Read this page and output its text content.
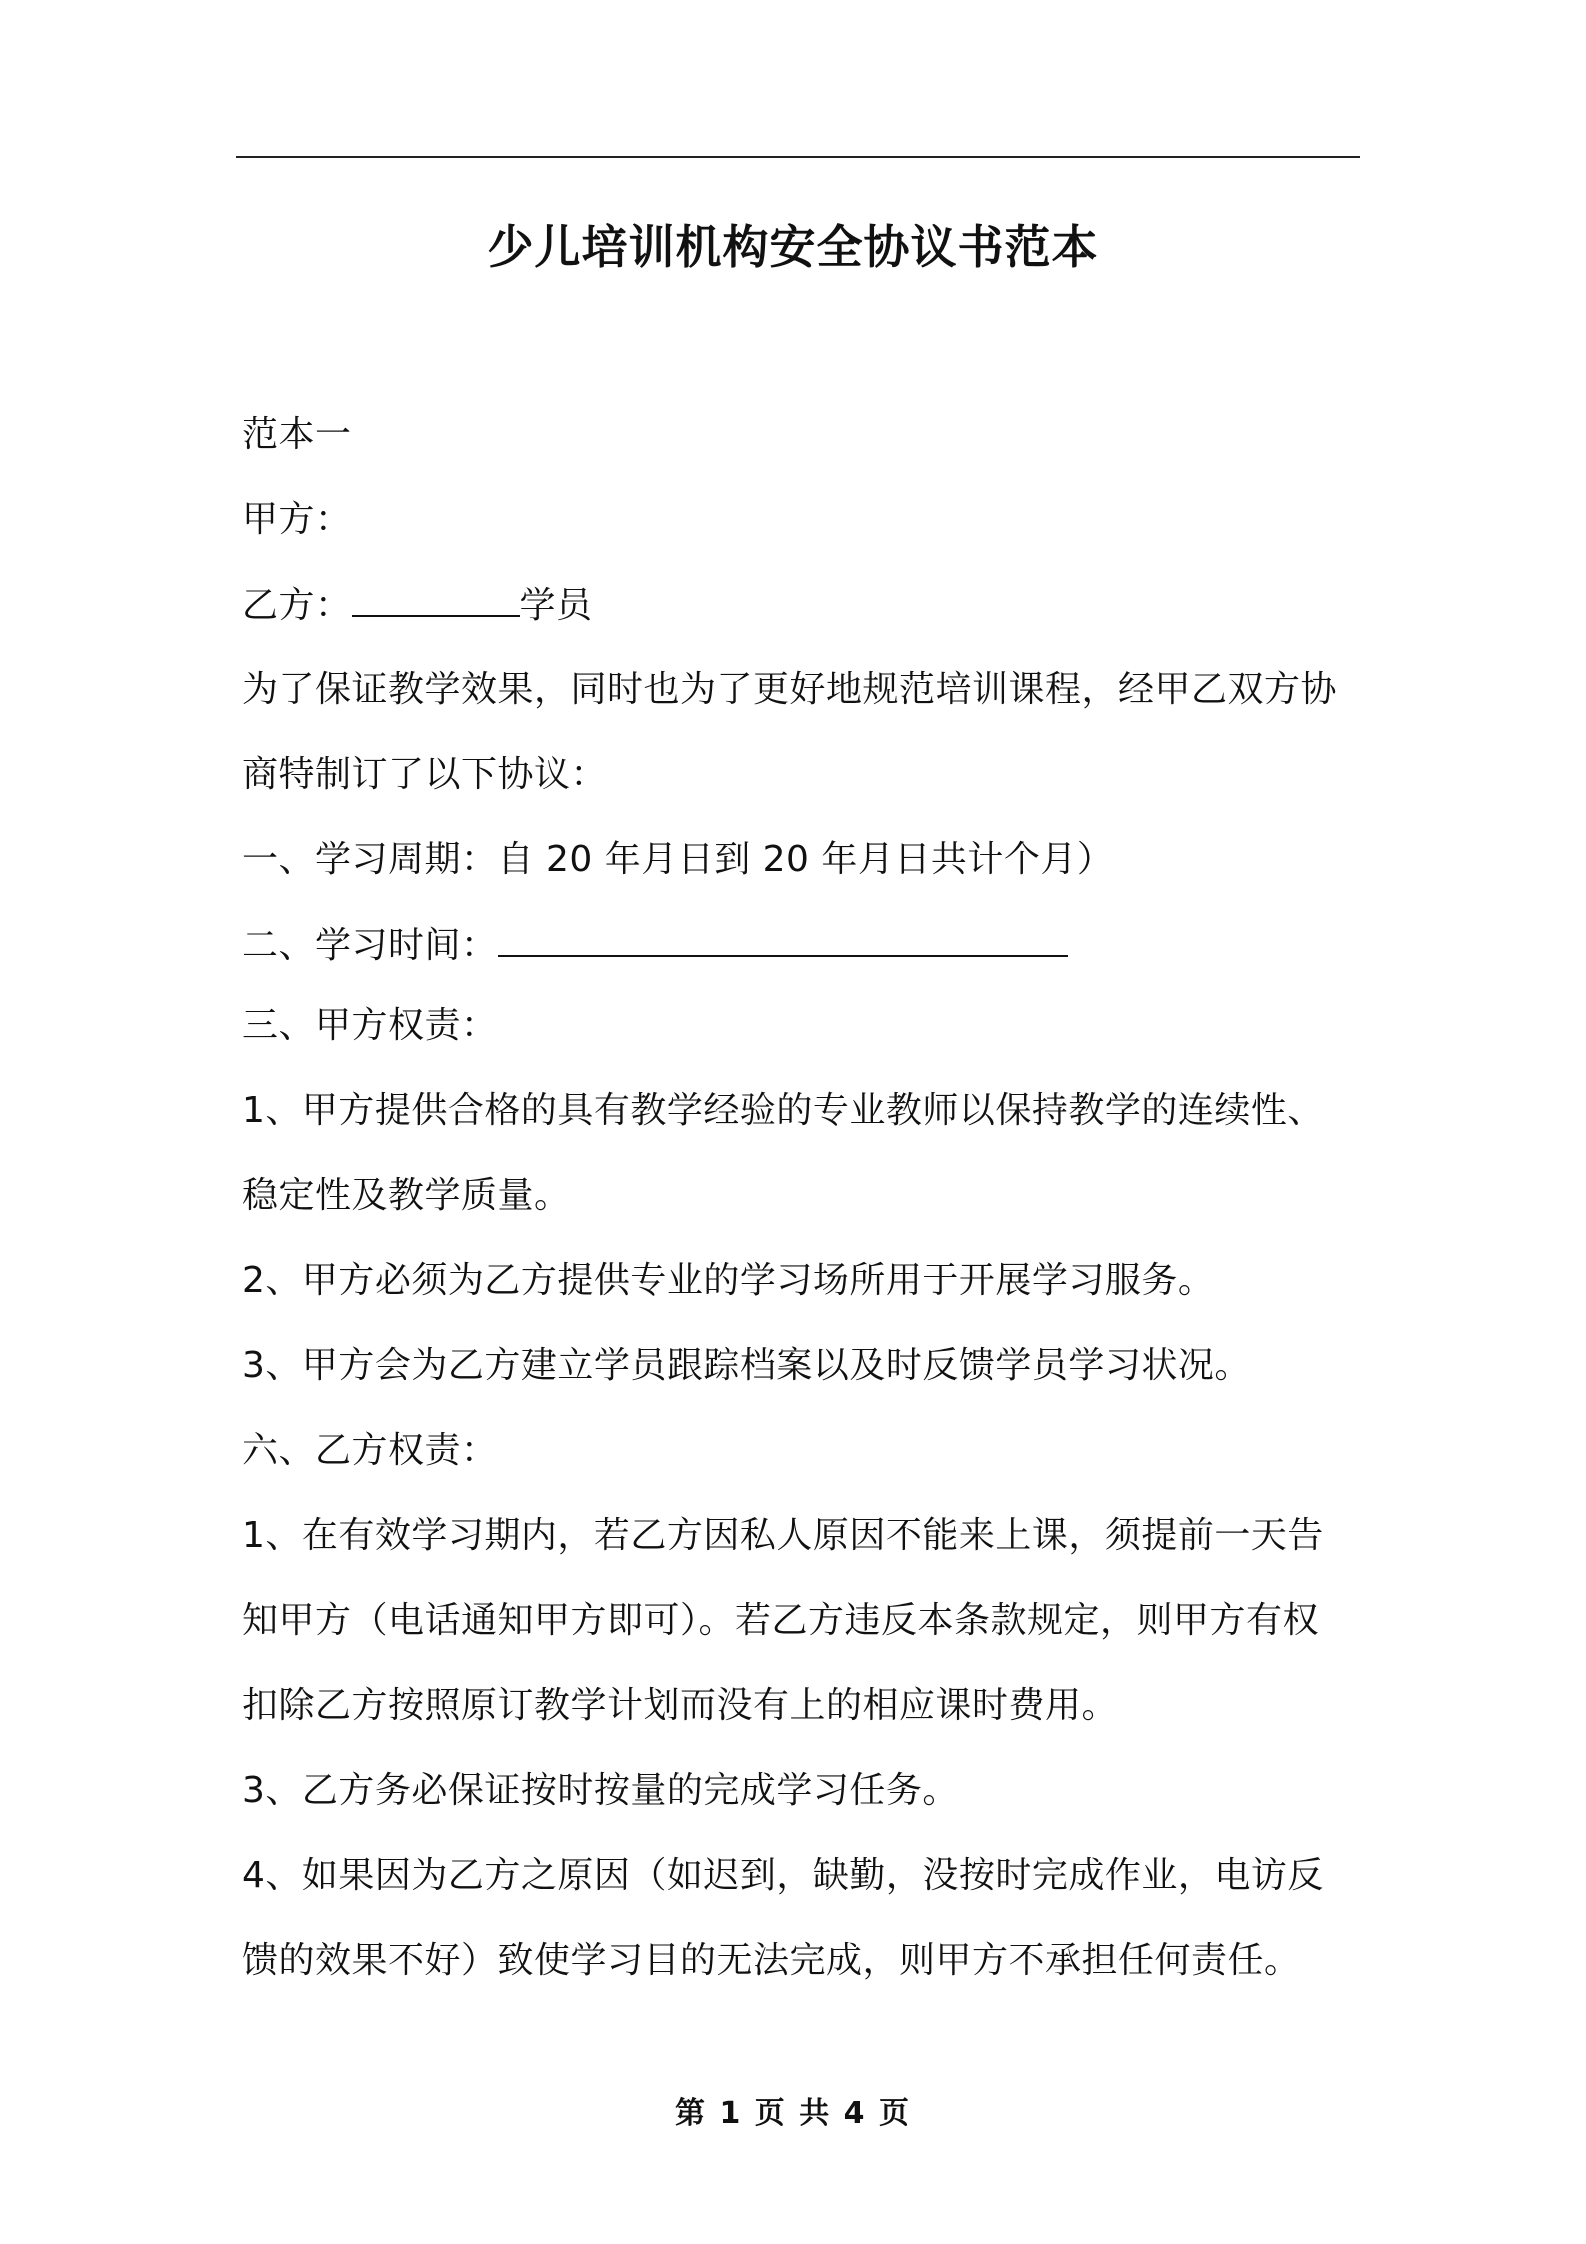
少儿培训机构安全协议书范本
范本一
甲方：
乙方：	学员
为了保证教学效果，同时也为了更好地规范培训课程，经甲乙双方协
商特制订了以下协议：
一、学习周期：自 20 年月日到 20 年月日共计个月）
二、学习时间：
三、甲方权责：
1、甲方提供合格的具有教学经验的专业教师以保持教学的连续性、
稳定性及教学质量。
2、甲方必须为乙方提供专业的学习场所用于开展学习服务。
3、甲方会为乙方建立学员跟踪档案以及时反馈学员学习状况。
六、乙方权责：
1、在有效学习期内，若乙方因私人原因不能来上课，须提前一天告
知甲方（电话通知甲方即可）。若乙方违反本条款规定，则甲方有权
扣除乙方按照原订教学计划而没有上的相应课时费用。
3、乙方务必保证按时按量的完成学习任务。
4、如果因为乙方之原因（如迟到，缺勤，没按时完成作业，电访反
馈的效果不好）致使学习目的无法完成，则甲方不承担任何责任。
第 1 页 共 4 页
